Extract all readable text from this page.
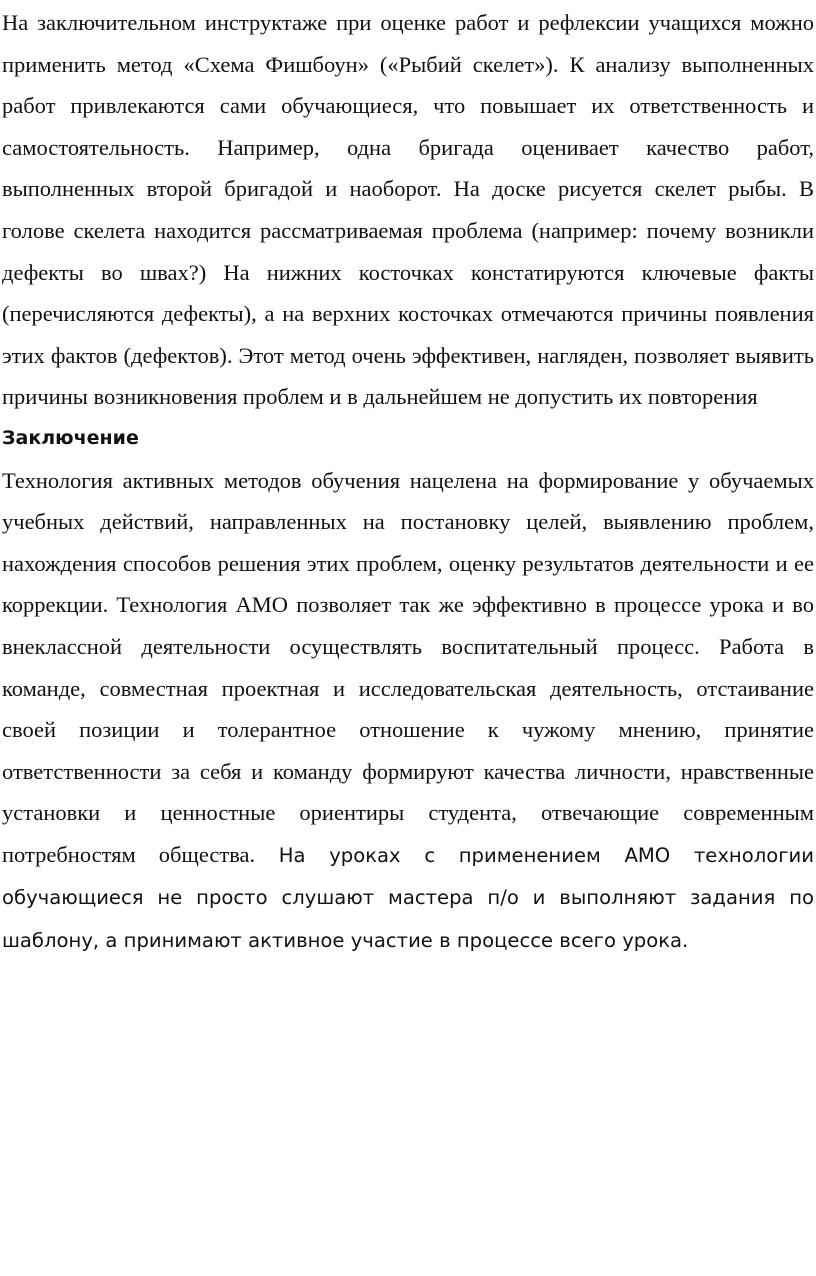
На заключительном инструктаже при оценке работ и рефлексии учащихся можно применить метод «Схема Фишбоун» («Рыбий скелет»). К анализу выполненных работ привлекаются сами обучающиеся, что повышает их ответственность и самостоятельность. Например, одна бригада оценивает качество работ, выполненных второй бригадой и наоборот. На доске рисуется скелет рыбы. В голове скелета находится рассматриваемая проблема (например: почему возникли дефекты во швах?) На нижних косточках констатируются ключевые факты (перечисляются дефекты), а на верхних косточках отмечаются причины появления этих фактов (дефектов). Этот метод очень эффективен, нагляден, позволяет выявить причины возникновения проблем и в дальнейшем не допустить их повторения

Заключение

Технология активных методов обучения нацелена на формирование у обучаемых учебных действий, направленных на постановку целей, выявлению проблем, нахождения способов решения этих проблем, оценку результатов деятельности и ее коррекции. Технология АМО позволяет так же эффективно в процессе урока и во внеклассной деятельности осуществлять воспитательный процесс. Работа в команде, совместная проектная и исследовательская деятельность, отстаивание своей позиции и толерантное отношение к чужому мнению, принятие ответственности за себя и команду формируют качества личности, нравственные установки и ценностные ориентиры студента, отвечающие современным потребностям общества. На уроках с применением АМО технологии обучающиеся не просто слушают мастера п/о и выполняют задания по шаблону, а принимают активное участие в процессе всего урока.
